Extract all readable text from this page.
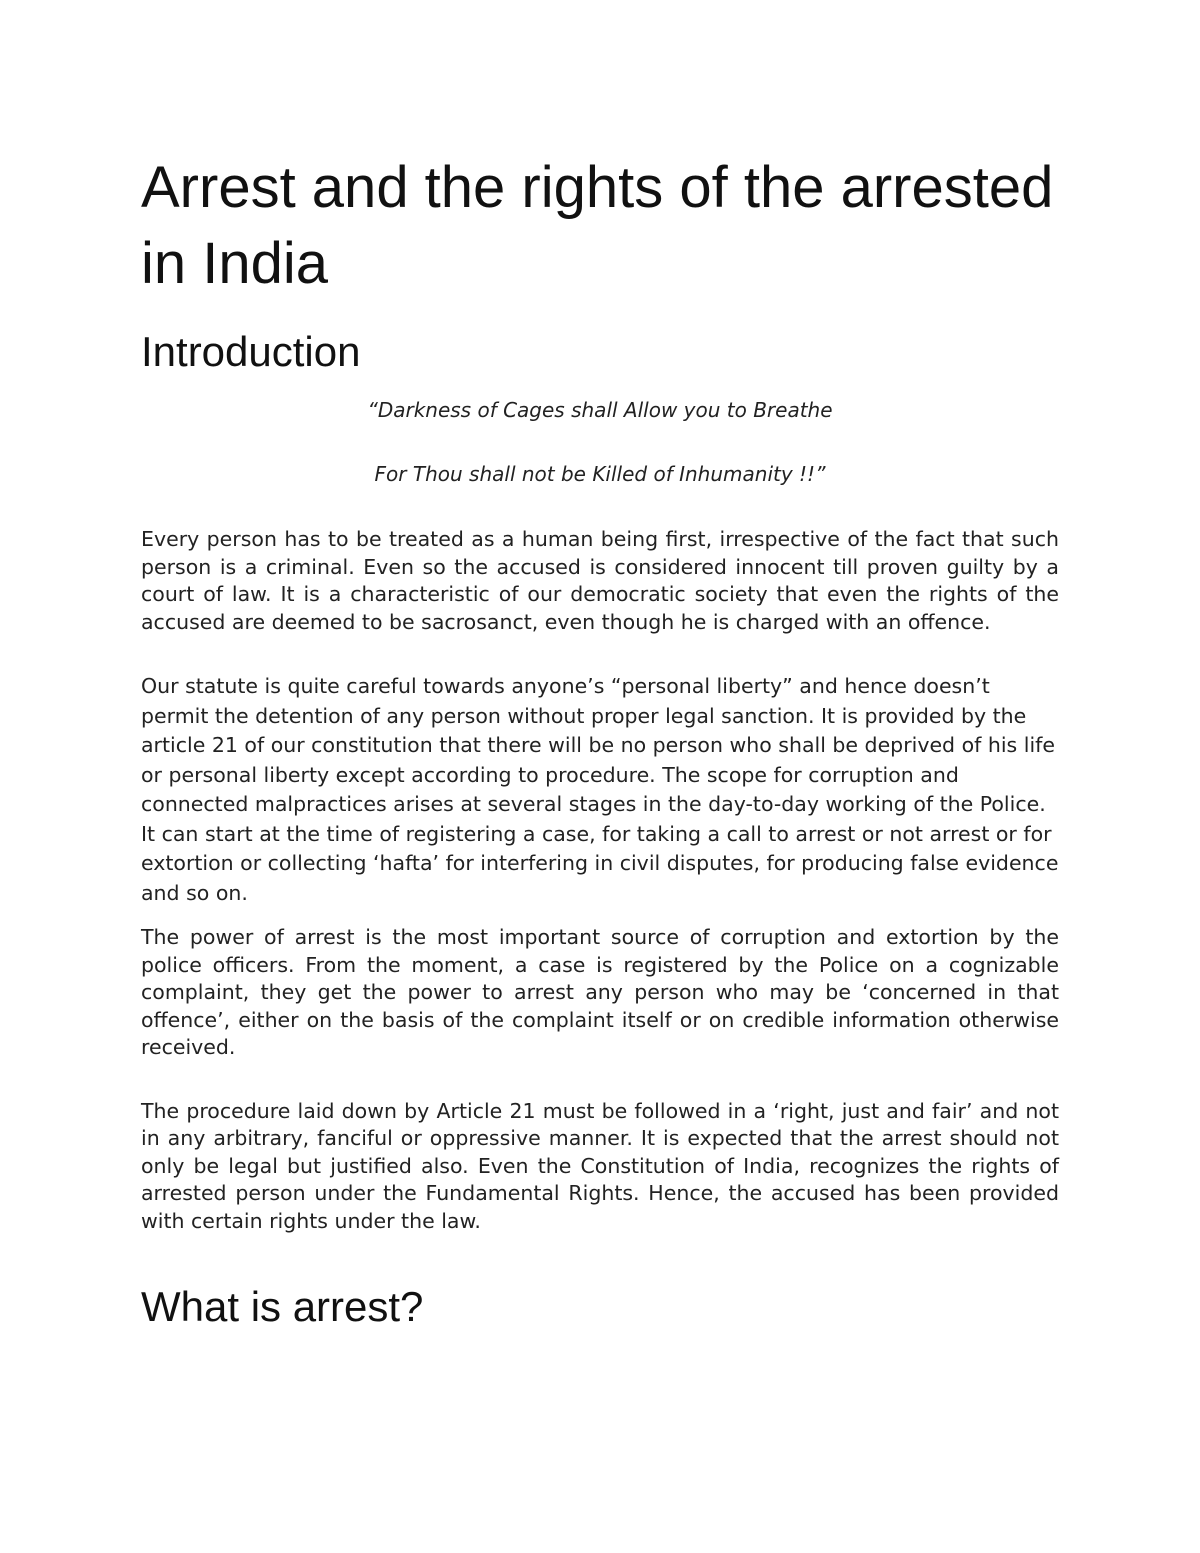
Arrest and the rights of the arrested in India
Introduction

“Darkness of Cages shall Allow you to Breathe

For Thou shall not be Killed of Inhumanity !!”

Every person has to be treated as a human being first, irrespective of the fact that such person is a criminal. Even so the accused is considered innocent till proven guilty by a court of law. It is a characteristic of our democratic society that even the rights of the accused are deemed to be sacrosanct, even though he is charged with an offence.

Our statute is quite careful towards anyone’s “personal liberty” and hence doesn’t permit the detention of any person without proper legal sanction. It is provided by the article 21 of our constitution that there will be no person who shall be deprived of his life or personal liberty except according to procedure. The scope for corruption and connected malpractices arises at several stages in the day-to-day working of the Police. It can start at the time of registering a case, for taking a call to arrest or not arrest or for extortion or collecting ‘hafta’ for interfering in civil disputes, for producing false evidence and so on.

The power of arrest is the most important source of corruption and extortion by the police officers. From the moment, a case is registered by the Police on a cognizable complaint, they get the power to arrest any person who may be ‘concerned in that offence’, either on the basis of the complaint itself or on credible information otherwise received.

The procedure laid down by Article 21 must be followed in a ‘right, just and fair’ and not in any arbitrary, fanciful or oppressive manner. It is expected that the arrest should not only be legal but justified also. Even the Constitution of India, recognizes the rights of arrested person under the Fundamental Rights. Hence, the accused has been provided with certain rights under the law.

What is arrest?
